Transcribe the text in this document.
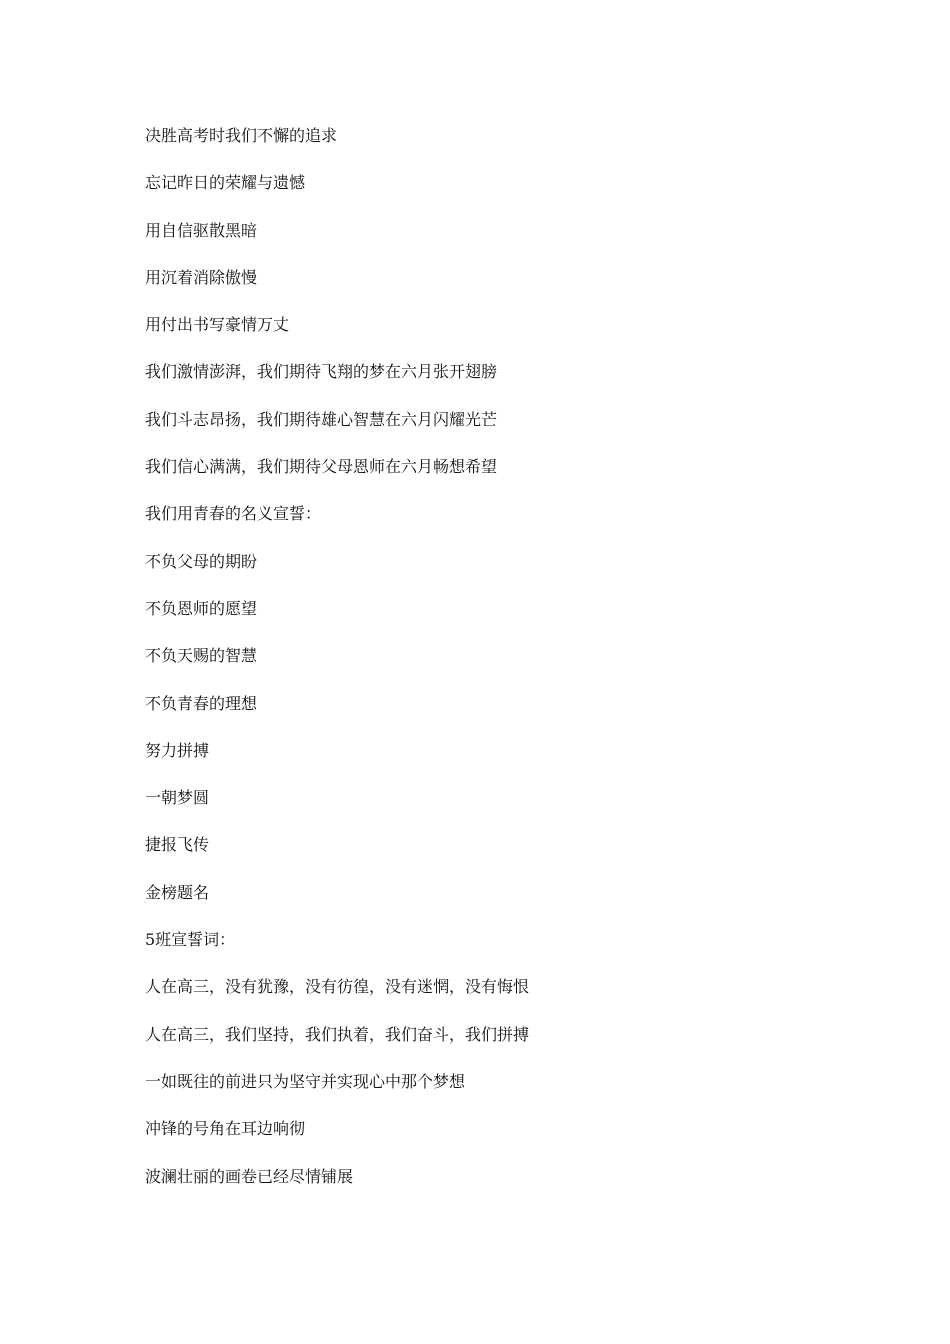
决胜高考时我们不懈的追求
忘记昨日的荣耀与遗憾
用自信驱散黑暗
用沉着消除傲慢
用付出书写豪情万丈
我们激情澎湃，我们期待飞翔的梦在六月张开翅膀
我们斗志昂扬，我们期待雄心智慧在六月闪耀光芒
我们信心满满，我们期待父母恩师在六月畅想希望
我们用青春的名义宣誓：
不负父母的期盼
不负恩师的愿望
不负天赐的智慧
不负青春的理想
努力拼搏
一朝梦圆
捷报飞传
金榜题名
5班宣誓词：
人在高三，没有犹豫，没有彷徨，没有迷惘，没有悔恨
人在高三，我们坚持，我们执着，我们奋斗，我们拼搏
一如既往的前进只为坚守并实现心中那个梦想
冲锋的号角在耳边响彻
波澜壮丽的画卷已经尽情铺展
